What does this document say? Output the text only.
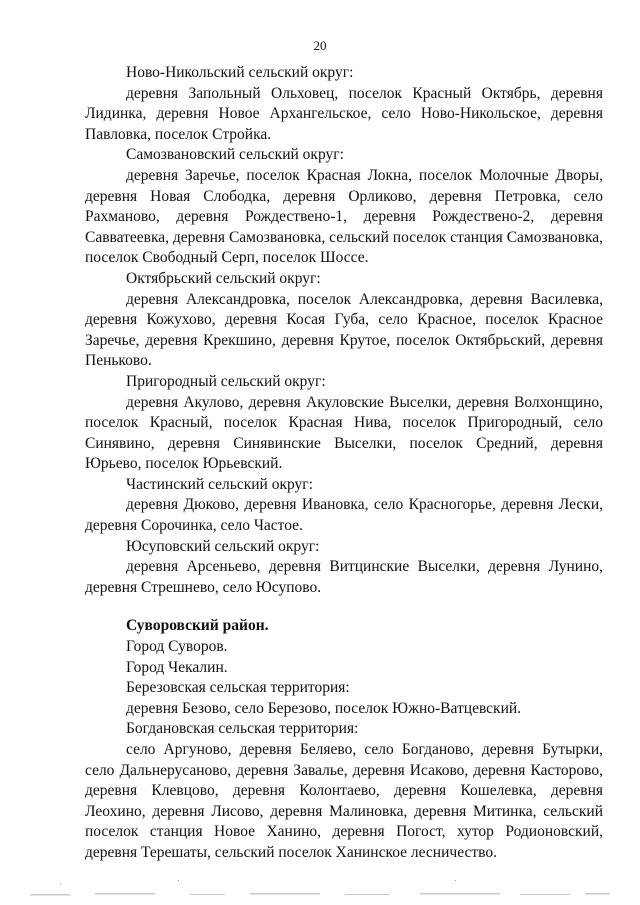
20

Ново-Никольский сельский округ:

деревня Запольный Ольховец, поселок Красный Октябрь, деревня Лидинка, деревня Новое Архангельское, село Ново-Никольское, деревня Павловка, поселок Стройка.

Самозвановский сельский округ:

деревня Заречье, поселок Красная Локна, поселок Молочные Дворы, деревня Новая Слободка, деревня Орликово, деревня Петровка, село Рахманово, деревня Рождествено-1, деревня Рождествено-2, деревня Савватеевка, деревня Самозвановка, сельский поселок станция Самозвановка, поселок Свободный Серп, поселок Шоссе.

Октябрьский сельский округ:

деревня Александровка, поселок Александровка, деревня Василевка, деревня Кожухово, деревня Косая Губа, село Красное, поселок Красное Заречье, деревня Крекшино, деревня Крутое, поселок Октябрьский, деревня Пеньково.

Пригородный сельский округ:

деревня Акулово, деревня Акуловские Выселки, деревня Волхонщино, поселок Красный, поселок Красная Нива, поселок Пригородный, село Синявино, деревня Синявинские Выселки, поселок Средний, деревня Юрьево, поселок Юрьевский.

Частинский сельский округ:

деревня Дюково, деревня Ивановка, село Красногорье, деревня Лески, деревня Сорочинка, село Частое.

Юсуповский сельский округ:

деревня Арсеньево, деревня Витцинские Выселки, деревня Лунино, деревня Стрешнево, село Юсупово.

Суворовский район.

Город Суворов.

Город Чекалин.

Березовская сельская территория:

деревня Безово, село Березово, поселок Южно-Ватцевский.

Богдановская сельская территория:

село Аргуново, деревня Беляево, село Богданово, деревня Бутырки, село Дальнерусаново, деревня Завалье, деревня Исаково, деревня Касторово, деревня Клевцово, деревня Колонтаево, деревня Кошелевка, деревня Леохино, деревня Лисово, деревня Малиновка, деревня Митинка, сельский поселок станция Новое Ханино, деревня Погост, хутор Родионовский, деревня Терешаты, сельский поселок Ханинское лесничество.
